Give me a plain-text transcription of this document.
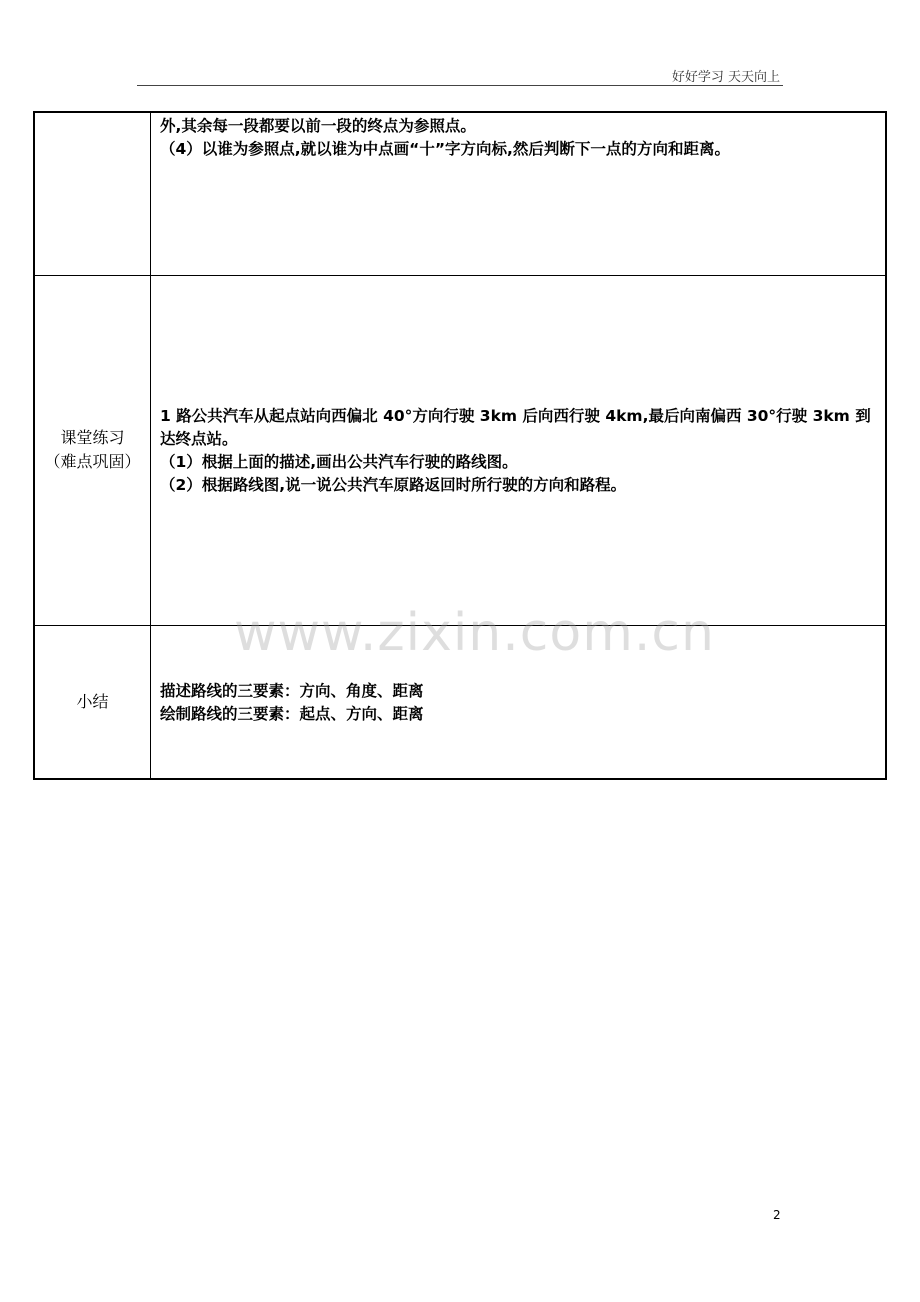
好好学习 天天向上

	外,其余每一段都要以前一段的终点为参照点。
（4）以谁为参照点,就以谁为中点画“十”字方向标,然后判断下一点的方向和距离。

课堂练习
（难点巩固）	1 路公共汽车从起点站向西偏北 40°方向行驶 3km 后向西行驶 4km,最后向南偏西 30°行驶 3km 到达终点站。
（1）根据上面的描述,画出公共汽车行驶的路线图。
（2）根据路线图,说一说公共汽车原路返回时所行驶的方向和路程。

小结	描述路线的三要素：方向、角度、距离
绘制路线的三要素：起点、方向、距离
www.zixin.com.cn
2
